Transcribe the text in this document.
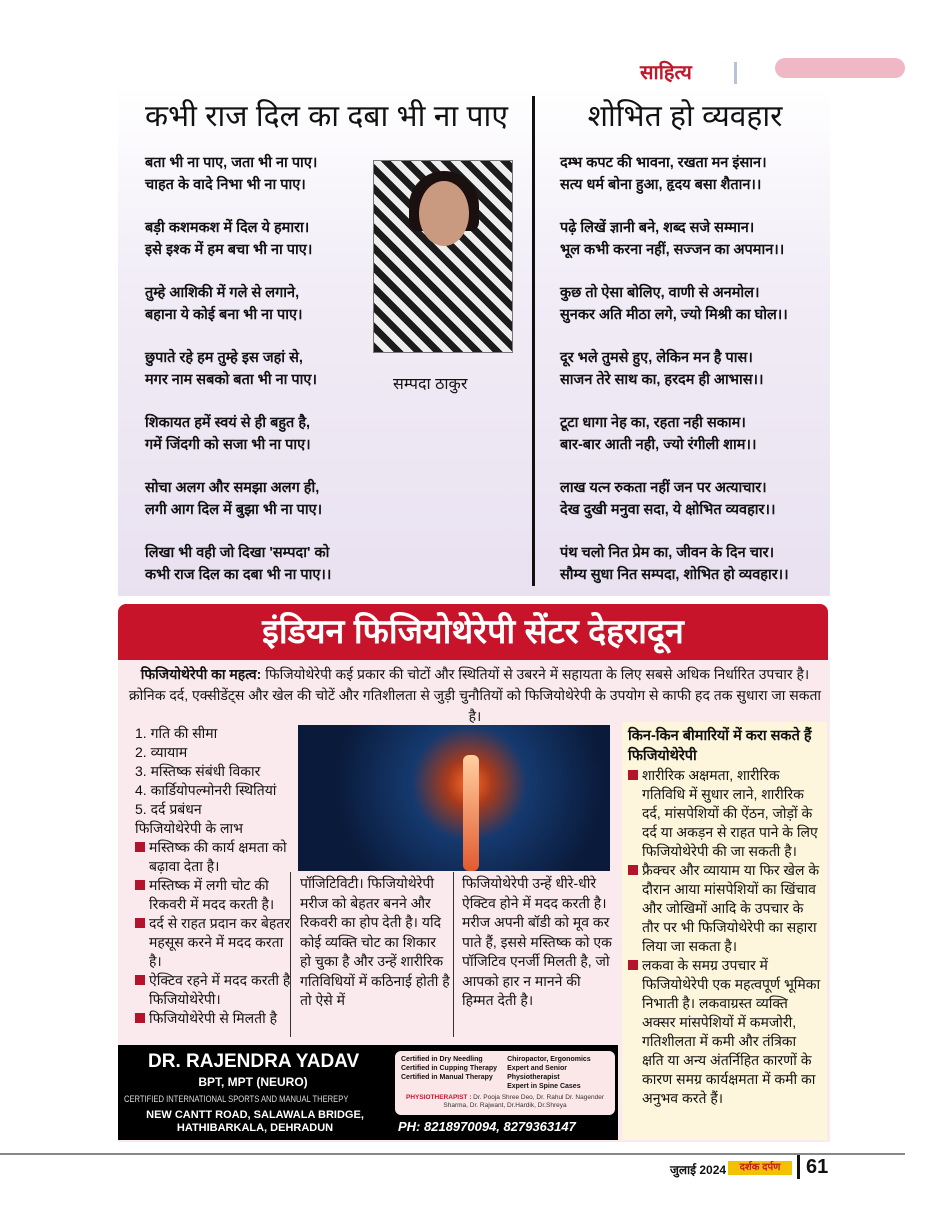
साहित्य
कभी राज दिल का दबा भी ना पाए	शोभित हो व्यवहार
बता भी ना पाए, जता भी ना पाए।
चाहत के वादे निभा भी ना पाए।
बड़ी कशमकश में दिल ये हमारा।
इसे इश्क में हम बचा भी ना पाए।
तुम्हे आशिकी में गले से लगाने,
बहाना ये कोई बना भी ना पाए।
छुपाते रहे हम तुम्हे इस जहां से,
मगर नाम सबको बता भी ना पाए।
शिकायत हमें स्वयं से ही बहुत है,
गमें जिंदगी को सजा भी ना पाए।
सोचा अलग और समझा अलग ही,
लगी आग दिल में बुझा भी ना पाए।
लिखा भी वही जो दिखा 'सम्पदा' को
कभी राज दिल का दबा भी ना पाए।।
दम्भ कपट की भावना, रखता मन इंसान।
सत्य धर्म बोना हुआ, हृदय बसा शैतान।।
पढ़े लिखें ज्ञानी बने, शब्द सजे सम्मान।
भूल कभी करना नहीं, सज्जन का अपमान।।
कुछ तो ऐसा बोलिए, वाणी से अनमोल।
सुनकर अति मीठा लगे, ज्यो मिश्री का घोल।।
दूर भले तुमसे हुए, लेकिन मन है पास।
साजन तेरे साथ का, हरदम ही आभास।।
टूटा धागा नेह का, रहता नही सकाम।
बार-बार आती नही, ज्यो रंगीली शाम।।
लाख यत्न रुकता नहीं जन पर अत्याचार।
देख दुखी मनुवा सदा, ये क्षोभित व्यवहार।।
पंथ चलो नित प्रेम का, जीवन के दिन चार।
सौम्य सुधा नित सम्पदा, शोभित हो व्यवहार।।
सम्पदा ठाकुर
इंडियन फिजियोथेरेपी सेंटर देहरादून
फिजियोथेरेपी का महत्व: फिजियोथेरेपी कई प्रकार की चोटों और स्थितियों से उबरने में सहायता के लिए सबसे अधिक निर्धारित उपचार है। क्रोनिक दर्द, एक्सीडेंट्स और खेल की चोटें और गतिशीलता से जुड़ी चुनौतियों को फिजियोथेरेपी के उपयोग से काफी हद तक सुधारा जा सकता है।
1. गति की सीमा
2. व्यायाम
3. मस्तिष्क संबंधी विकार
4. कार्डियोपल्मोनरी स्थितियां
5. दर्द प्रबंधन
फिजियोथेरेपी के लाभ
मस्तिष्क की कार्य क्षमता को बढ़ावा देता है।
मस्तिष्क में लगी चोट की रिकवरी में मदद करती है।
दर्द से राहत प्रदान कर बेहतर महसूस करने में मदद करता है।
ऐक्टिव रहने में मदद करती है फिजियोथेरेपी।
फिजियोथेरेपी से मिलती है
पॉजिटिविटी। फिजियोथेरेपी मरीज को बेहतर बनने और रिकवरी का होप देती है। यदि कोई व्यक्ति चोट का शिकार हो चुका है और उन्हें शारीरिक गतिविधियों में कठिनाई होती है तो ऐसे में
फिजियोथेरेपी उन्हें धीरे-धीरे ऐक्टिव होने में मदद करती है। मरीज अपनी बॉडी को मूव कर पाते हैं, इससे मस्तिष्क को एक पॉजिटिव एनर्जी मिलती है, जो आपको हार न मानने की हिम्मत देती है।
किन-किन बीमारियों में करा सकते हैं फिजियोथेरेपी
शारीरिक अक्षमता, शारीरिक गतिविधि में सुधार लाने, शारीरिक दर्द, मांसपेशियों की ऐंठन, जोड़ों के दर्द या अकड़न से राहत पाने के लिए फिजियोथेरेपी की जा सकती है।
फ्रैक्चर और व्यायाम या फिर खेल के दौरान आया मांसपेशियों का खिंचाव और जोखिमों आदि के उपचार के तौर पर भी फिजियोथेरेपी का सहारा लिया जा सकता है।
लकवा के समग्र उपचार में फिजियोथेरेपी एक महत्वपूर्ण भूमिका निभाती है। लकवाग्रस्त व्यक्ति अक्सर मांसपेशियों में कमजोरी, गतिशीलता में कमी और तंत्रिका क्षति या अन्य अंतर्निहित कारणों के कारण समग्र कार्यक्षमता में कमी का अनुभव करते हैं।
DR. RAJENDRA YADAV
BPT, MPT (NEURO)
CERTIFIED INTERNATIONAL SPORTS AND MANUAL THEREPY
NEW CANTT ROAD, SALAWALA BRIDGE,
HATHIBARKALA, DEHRADUN
Certified in Dry Needling
Certified in Cupping Therapy
Certified in Manual Therapy
Chiropactor, Ergonomics
Expert and Senior
Physiotherapist
Expert in Spine Cases
PHYSIOTHERAPIST : Dr. Pooja Shree Deo, Dr. Rahul Dr. Nagender Sharma, Dr. Rajwant, Dr.Hardik, Dr.Shreya
PH: 8218970094, 8279363147
जुलाई 2024	दर्शक दर्पण	61
